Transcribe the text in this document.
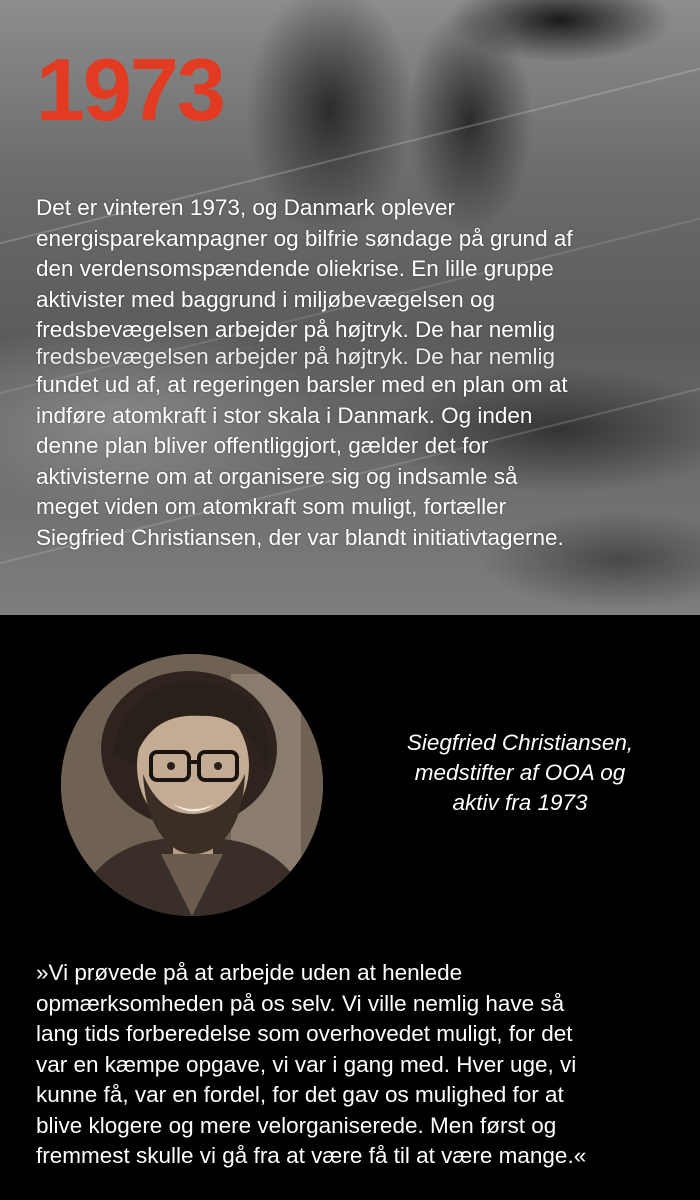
1973
Det er vinteren 1973, og Danmark oplever
energisparekampagner og bilfrie søndage på grund af
den verdensomspændende oliekrise. En lille gruppe
aktivister med baggrund i miljøbevægelsen og
fredsbevægelsen arbejder på højtryk. De har nemlig
fredsbevægelsen arbejder på højtryk. De har nemlig
fundet ud af, at regeringen barsler med en plan om at
indføre atomkraft i stor skala i Danmark. Og inden
denne plan bliver offentliggjort, gælder det for
aktivisterne om at organisere sig og indsamle så
meget viden om atomkraft som muligt, fortæller
Siegfried Christiansen, der var blandt initiativtagerne.
Siegfried Christiansen,
medstifter af OOA og
aktiv fra 1973
»Vi prøvede på at arbejde uden at henlede
opmærksomheden på os selv. Vi ville nemlig have så
lang tids forberedelse som overhovedet muligt, for det
var en kæmpe opgave, vi var i gang med. Hver uge, vi
kunne få, var en fordel, for det gav os mulighed for at
blive klogere og mere velorganiserede. Men først og
fremmest skulle vi gå fra at være få til at være mange.«
